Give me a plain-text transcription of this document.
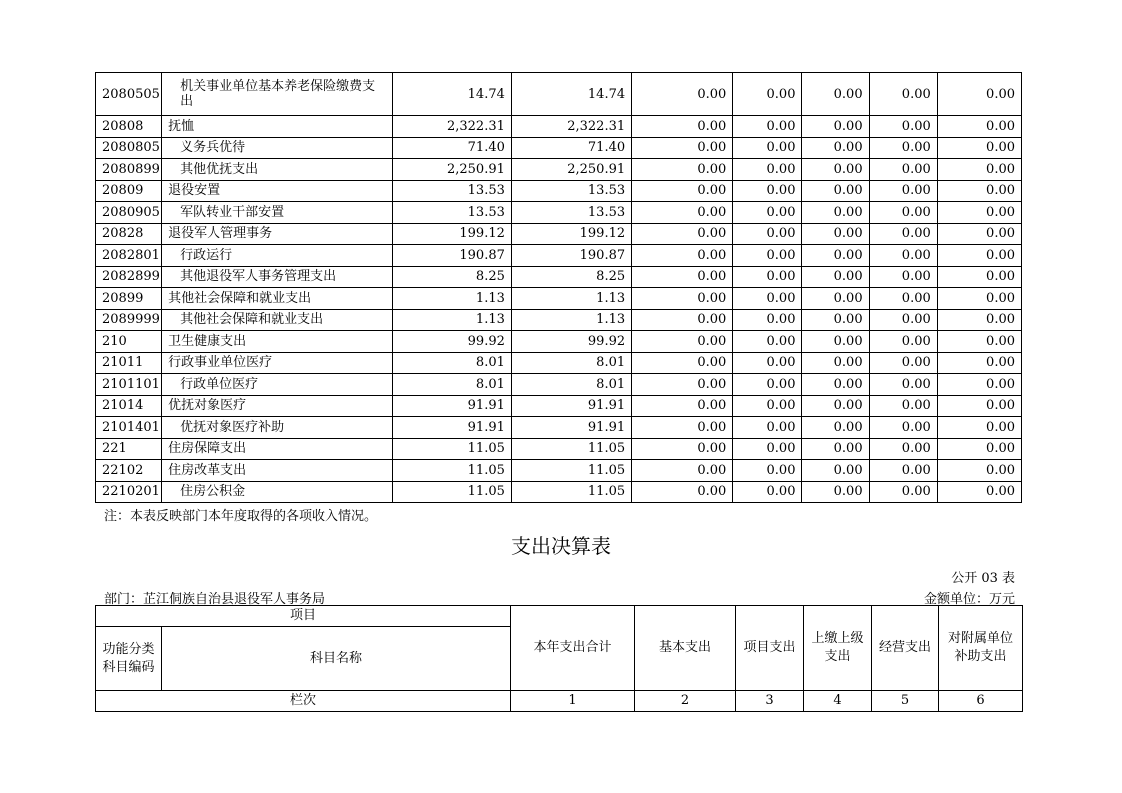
2080505	机关事业单位基本养老保险缴费支出	14.74	14.74	0.00	0.00	0.00	0.00	0.00
20808	抚恤	2,322.31	2,322.31	0.00	0.00	0.00	0.00	0.00
2080805	义务兵优待	71.40	71.40	0.00	0.00	0.00	0.00	0.00
2080899	其他优抚支出	2,250.91	2,250.91	0.00	0.00	0.00	0.00	0.00
20809	退役安置	13.53	13.53	0.00	0.00	0.00	0.00	0.00
2080905	军队转业干部安置	13.53	13.53	0.00	0.00	0.00	0.00	0.00
20828	退役军人管理事务	199.12	199.12	0.00	0.00	0.00	0.00	0.00
2082801	行政运行	190.87	190.87	0.00	0.00	0.00	0.00	0.00
2082899	其他退役军人事务管理支出	8.25	8.25	0.00	0.00	0.00	0.00	0.00
20899	其他社会保障和就业支出	1.13	1.13	0.00	0.00	0.00	0.00	0.00
2089999	其他社会保障和就业支出	1.13	1.13	0.00	0.00	0.00	0.00	0.00
210	卫生健康支出	99.92	99.92	0.00	0.00	0.00	0.00	0.00
21011	行政事业单位医疗	8.01	8.01	0.00	0.00	0.00	0.00	0.00
2101101	行政单位医疗	8.01	8.01	0.00	0.00	0.00	0.00	0.00
21014	优抚对象医疗	91.91	91.91	0.00	0.00	0.00	0.00	0.00
2101401	优抚对象医疗补助	91.91	91.91	0.00	0.00	0.00	0.00	0.00
221	住房保障支出	11.05	11.05	0.00	0.00	0.00	0.00	0.00
22102	住房改革支出	11.05	11.05	0.00	0.00	0.00	0.00	0.00
2210201	住房公积金	11.05	11.05	0.00	0.00	0.00	0.00	0.00
注：本表反映部门本年度取得的各项收入情况。
支出决算表
公开 03 表
部门：芷江侗族自治县退役军人事务局	金额单位：万元
项目		本年支出合计	基本支出	项目支出	上缴上级支出	经营支出	对附属单位补助支出
功能分类科目编码	科目名称						
栏次		1	2	3	4	5	6
